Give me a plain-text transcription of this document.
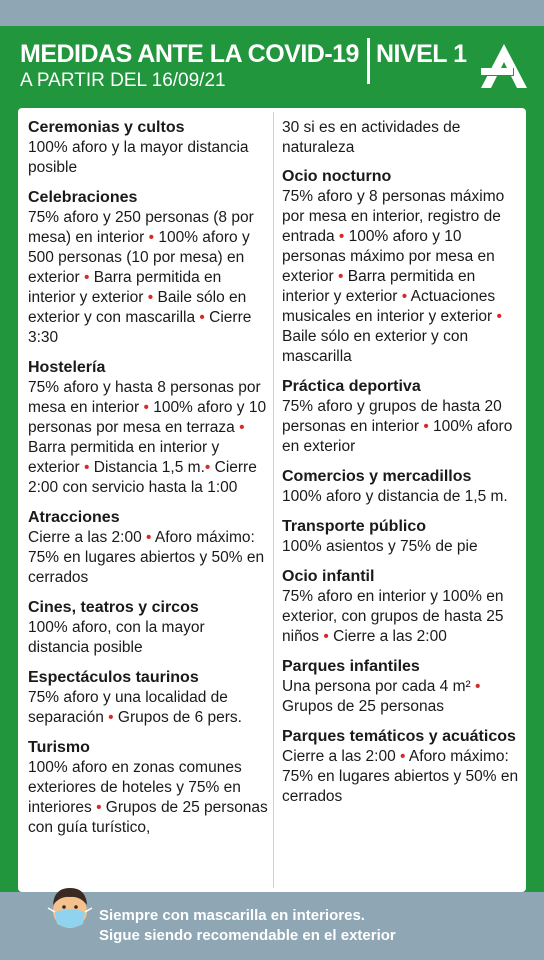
MEDIDAS ANTE LA COVID-19 NIVEL 1
A PARTIR DEL 16/09/21
Ceremonias y cultos

100% aforo y la mayor distancia posible

Celebraciones

75% aforo y 250 personas (8 por mesa) en interior • 100% aforo y 500 personas (10 por mesa) en exterior • Barra permitida en interior y exterior • Baile sólo en exterior y con mascarilla • Cierre 3:30

Hostelería

75% aforo y hasta 8 personas por mesa en interior • 100% aforo y 10 personas por mesa en terraza • Barra permitida en interior y exterior • Distancia 1,5 m.• Cierre 2:00 con servicio hasta la 1:00

Atracciones

Cierre a las 2:00 • Aforo máximo: 75% en lugares abiertos y 50% en cerrados

Cines, teatros y circos

100% aforo, con la mayor distancia posible

Espectáculos taurinos

75% aforo y una localidad de separación • Grupos de 6 pers.

Turismo

100% aforo en zonas comunes exteriores de hoteles y 75% en interiores • Grupos de 25 personas con guía turístico,

30 si es en actividades de naturaleza

Ocio nocturno

75% aforo y 8 personas máximo por mesa en interior, registro de entrada • 100% aforo y 10 personas máximo por mesa en exterior • Barra permitida en interior y exterior • Actuaciones musicales en interior y exterior • Baile sólo en exterior y con mascarilla

Práctica deportiva

75% aforo y grupos de hasta 20 personas en interior • 100% aforo en exterior

Comercios y mercadillos

100% aforo y distancia de 1,5 m.

Transporte público

100% asientos y 75% de pie

Ocio infantil

75% aforo en interior y 100% en exterior, con grupos de hasta 25 niños • Cierre a las 2:00

Parques infantiles

Una persona por cada 4 m² • Grupos de 25 personas

Parques temáticos y acuáticos

Cierre a las 2:00 • Aforo máximo: 75% en lugares abiertos y 50% en cerrados

Siempre con mascarilla en interiores.
Sigue siendo recomendable en el exterior
